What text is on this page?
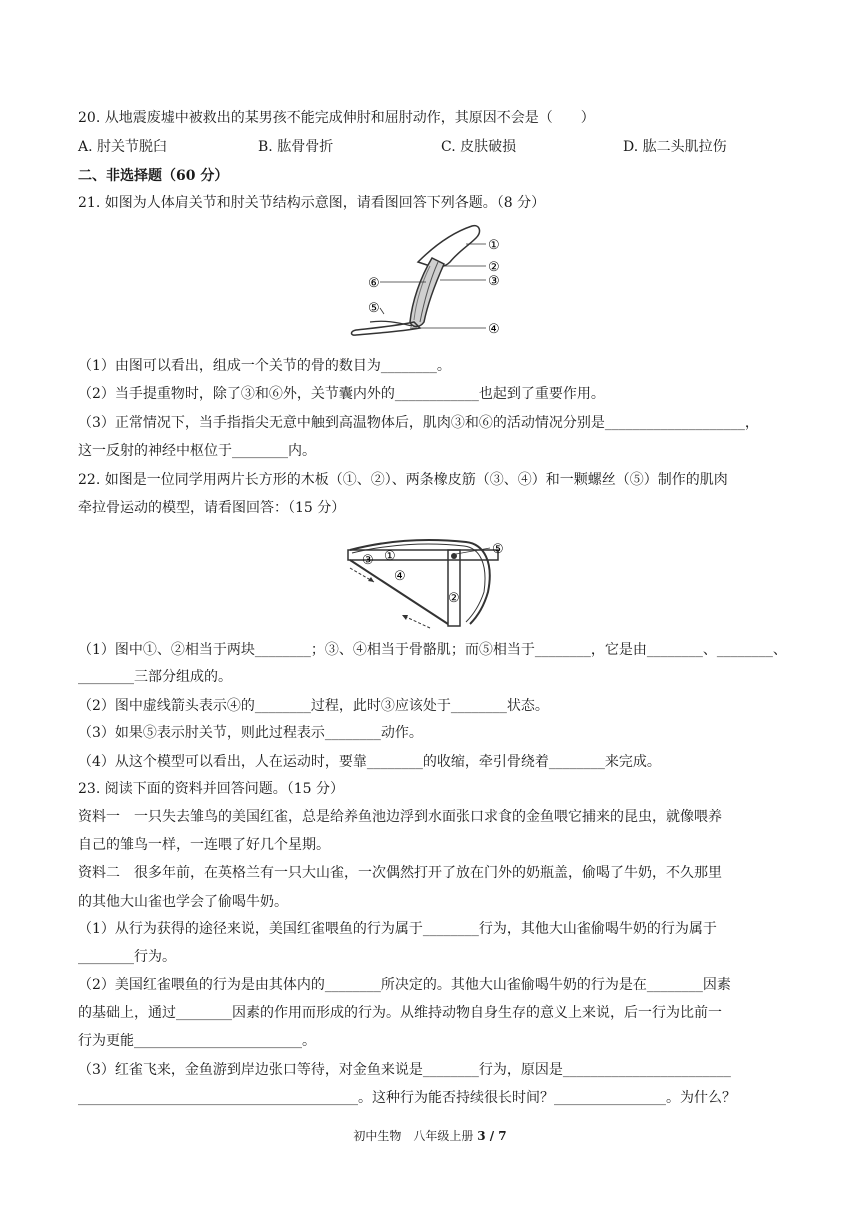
20. 从地震废墟中被救出的某男孩不能完成伸肘和屈肘动作，其原因不会是（　　）
A. 肘关节脱臼	B. 肱骨骨折	C. 皮肤破损	D. 肱二头肌拉伤
二、非选择题（60 分）
21. 如图为人体肩关节和肘关节结构示意图，请看图回答下列各题。（8 分）
①
②
③
④
⑤
⑥
（1）由图可以看出，组成一个关节的骨的数目为________。
（2）当手提重物时，除了③和⑥外，关节囊内外的____________也起到了重要作用。
（3）正常情况下，当手指指尖无意中触到高温物体后，肌肉③和⑥的活动情况分别是____________________，
这一反射的神经中枢位于________内。
22. 如图是一位同学用两片长方形的木板（①、②）、两条橡皮筋（③、④）和一颗螺丝（⑤）制作的肌肉
牵拉骨运动的模型，请看图回答：（15 分）
①
②
③
④
⑤
（1）图中①、②相当于两块________；③、④相当于骨骼肌；而⑤相当于________，它是由________、________、
________三部分组成的。
（2）图中虚线箭头表示④的________过程，此时③应该处于________状态。
（3）如果⑤表示肘关节，则此过程表示________动作。
（4）从这个模型可以看出，人在运动时，要靠________的收缩，牵引骨绕着________来完成。
23. 阅读下面的资料并回答问题。（15 分）
资料一　一只失去雏鸟的美国红雀，总是给养鱼池边浮到水面张口求食的金鱼喂它捕来的昆虫，就像喂养
自己的雏鸟一样，一连喂了好几个星期。
资料二　很多年前，在英格兰有一只大山雀，一次偶然打开了放在门外的奶瓶盖，偷喝了牛奶，不久那里
的其他大山雀也学会了偷喝牛奶。
（1）从行为获得的途径来说，美国红雀喂鱼的行为属于________行为，其他大山雀偷喝牛奶的行为属于
________行为。
（2）美国红雀喂鱼的行为是由其体内的________所决定的。其他大山雀偷喝牛奶的行为是在________因素
的基础上，通过________因素的作用而形成的行为。从维持动物自身生存的意义上来说，后一行为比前一
行为更能________________________。
（3）红雀飞来，金鱼游到岸边张口等待，对金鱼来说是________行为，原因是________________________
________________________________________。这种行为能否持续很长时间？________________。为什么？
初中生物　八年级上册 3 / 7
